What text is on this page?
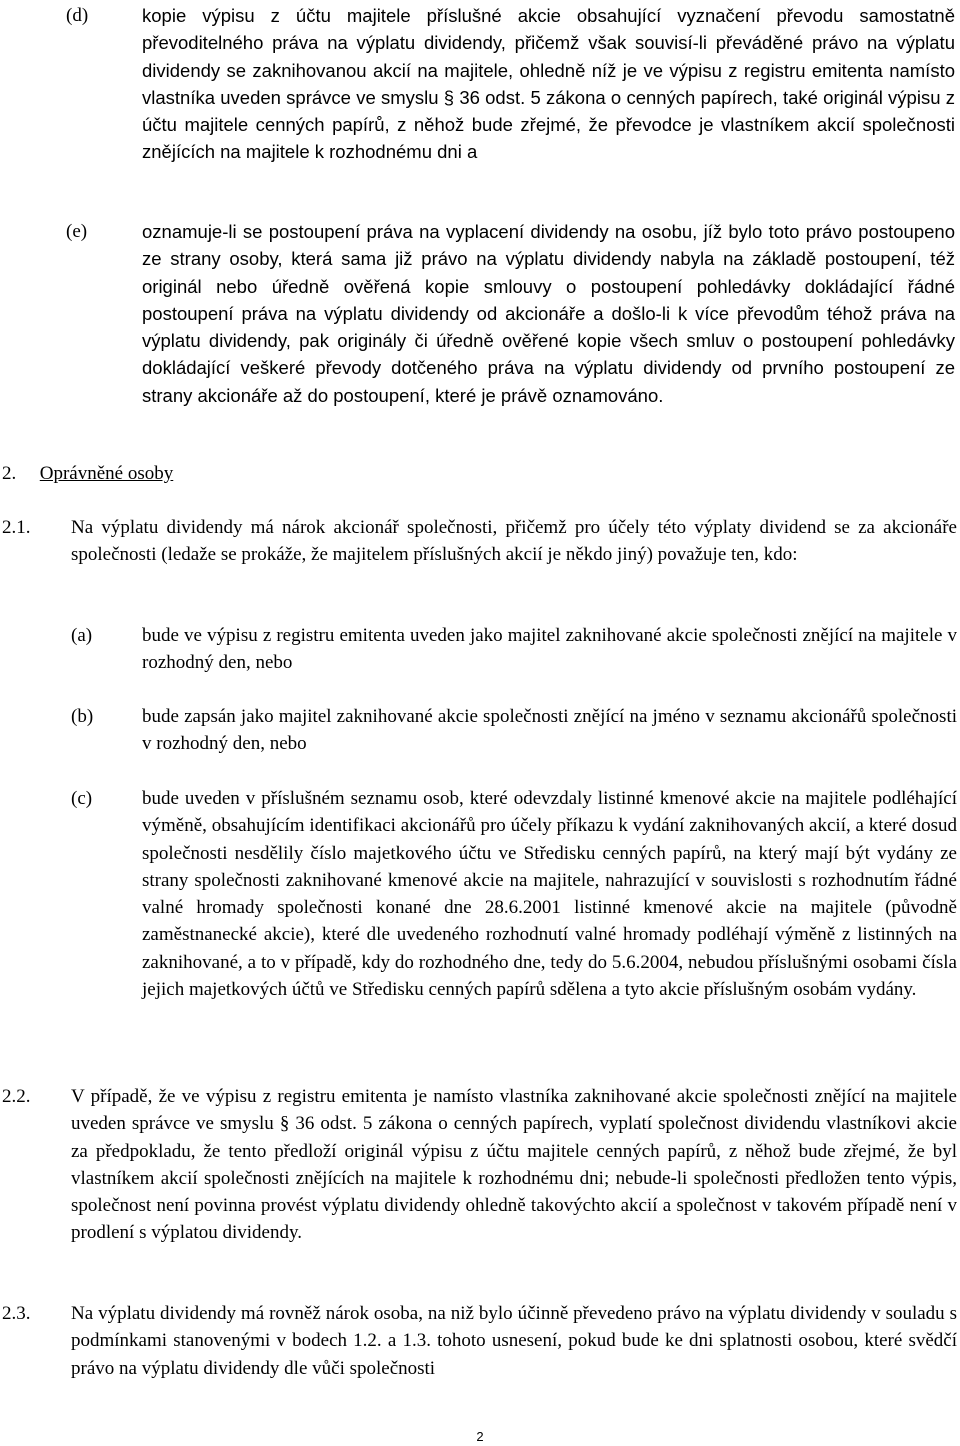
(d)	kopie výpisu z účtu majitele příslušné akcie obsahující vyznačení převodu samostatně převoditelného práva na výplatu dividendy, přičemž však souvisí-li převáděné právo na výplatu dividendy se zaknihovanou akcií na majitele, ohledně níž je ve výpisu z registru emitenta namísto vlastníka uveden správce ve smyslu § 36 odst. 5 zákona o cenných papírech, také originál výpisu z účtu majitele cenných papírů, z něhož bude zřejmé, že převodce je vlastníkem akcií společnosti znějících na majitele k rozhodnému dni a

(e)	oznamuje-li se postoupení práva na vyplacení dividendy na osobu, jíž bylo toto právo postoupeno ze strany osoby, která sama již právo na výplatu dividendy nabyla na základě postoupení, též originál nebo úředně ověřená kopie smlouvy o postoupení pohledávky dokládající řádné postoupení práva na výplatu dividendy od akcionáře a došlo-li k více převodům téhož práva na výplatu dividendy, pak originály či úředně ověřené kopie všech smluv o postoupení pohledávky dokládající veškeré převody dotčeného práva na výplatu dividendy od prvního postoupení ze strany akcionáře až do postoupení, které je právě oznamováno.

2. Oprávněné osoby
2.1. Na výplatu dividendy má nárok akcionář společnosti, přičemž pro účely této výplaty dividend se za akcionáře společnosti (ledaže se prokáže, že majitelem příslušných akcií je někdo jiný) považuje ten, kdo:

(a)	bude ve výpisu z registru emitenta uveden jako majitel zaknihované akcie společnosti znějící na majitele v rozhodný den, nebo

(b)	bude zapsán jako majitel zaknihované akcie společnosti znějící na jméno v seznamu akcionářů společnosti v rozhodný den, nebo

(c)	bude uveden v příslušném seznamu osob, které odevzdaly listinné kmenové akcie na majitele podléhající výměně, obsahujícím identifikaci akcionářů pro účely příkazu k vydání zaknihovaných akcií, a které dosud společnosti nesdělily číslo majetkového účtu ve Středisku cenných papírů, na který mají být vydány ze strany společnosti zaknihované kmenové akcie na majitele, nahrazující v souvislosti s rozhodnutím řádné valné hromady společnosti konané dne 28.6.2001 listinné kmenové akcie na majitele (původně zaměstnanecké akcie), které dle uvedeného rozhodnutí valné hromady podléhají výměně z listinných na zaknihované, a to v případě, kdy do rozhodného dne, tedy do 5.6.2004, nebudou příslušnými osobami čísla jejich majetkových účtů ve Středisku cenných papírů sdělena a tyto akcie příslušným osobám vydány.

2.2. V případě, že ve výpisu z registru emitenta je namísto vlastníka zaknihované akcie společnosti znějící na majitele uveden správce ve smyslu § 36 odst. 5 zákona o cenných papírech, vyplatí společnost dividendu vlastníkovi akcie za předpokladu, že tento předloží originál výpisu z účtu majitele cenných papírů, z něhož bude zřejmé, že byl vlastníkem akcií společnosti znějících na majitele k rozhodnému dni; nebude-li společnosti předložen tento výpis, společnost není povinna provést výplatu dividendy ohledně takovýchto akcií a společnost v takovém případě není v prodlení s výplatou dividendy.

2.3. Na výplatu dividendy má rovněž nárok osoba, na niž bylo účinně převedeno právo na výplatu dividendy v souladu s podmínkami stanovenými v bodech 1.2. a 1.3. tohoto usnesení, pokud bude ke dni splatnosti osobou, které svědčí právo na výplatu dividendy dle vůči společnosti

2
